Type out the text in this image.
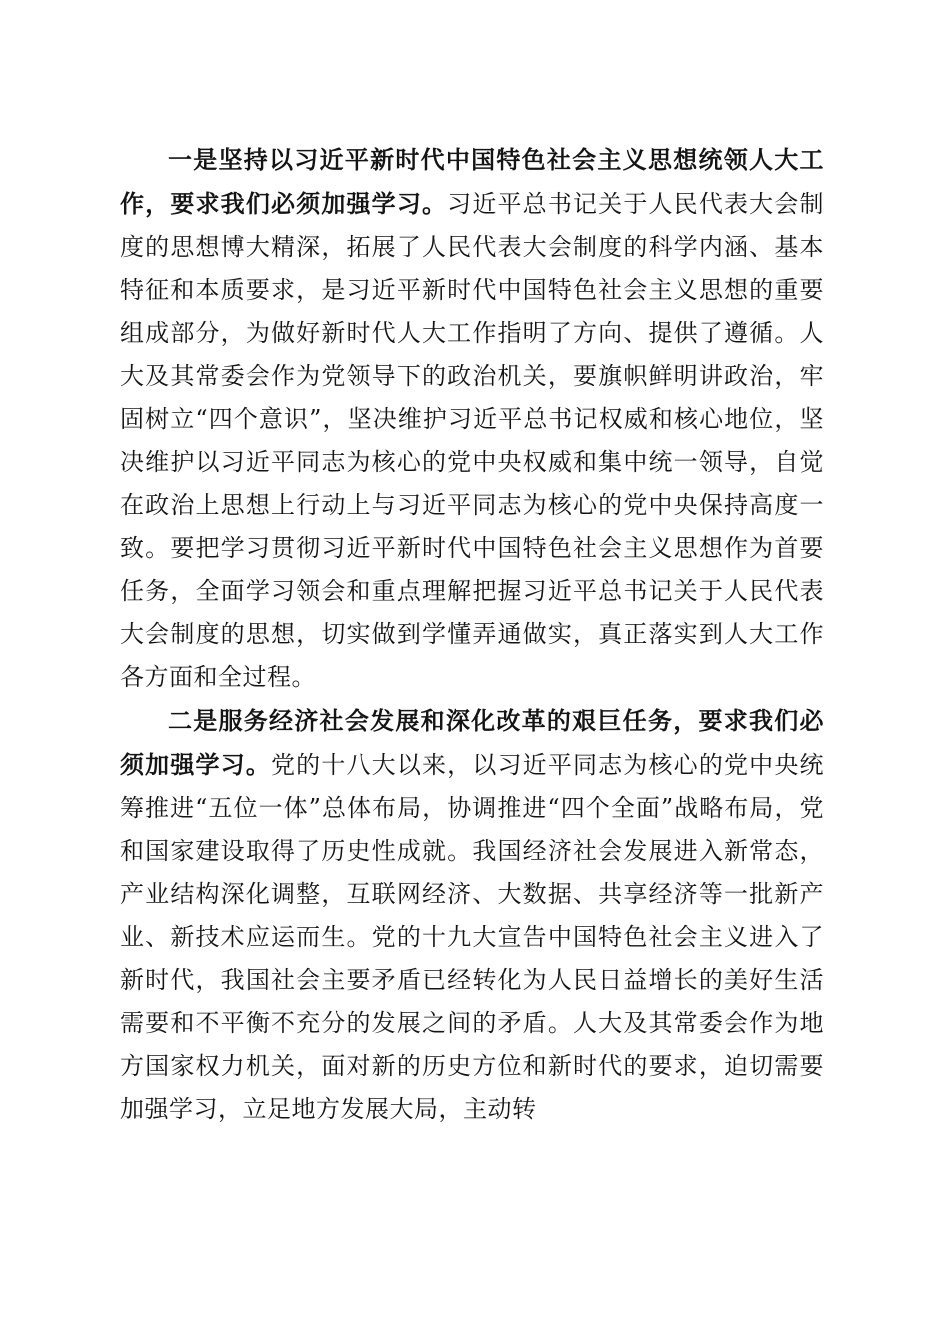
一是坚持以习近平新时代中国特色社会主义思想统领人大工作，要求我们必须加强学习。习近平总书记关于人民代表大会制度的思想博大精深，拓展了人民代表大会制度的科学内涵、基本特征和本质要求，是习近平新时代中国特色社会主义思想的重要组成部分，为做好新时代人大工作指明了方向、提供了遵循。人大及其常委会作为党领导下的政治机关，要旗帜鲜明讲政治，牢固树立“四个意识”，坚决维护习近平总书记权威和核心地位，坚决维护以习近平同志为核心的党中央权威和集中统一领导，自觉在政治上思想上行动上与习近平同志为核心的党中央保持高度一致。要把学习贯彻习近平新时代中国特色社会主义思想作为首要任务，全面学习领会和重点理解把握习近平总书记关于人民代表大会制度的思想，切实做到学懂弄通做实，真正落实到人大工作各方面和全过程。

二是服务经济社会发展和深化改革的艰巨任务，要求我们必须加强学习。党的十八大以来，以习近平同志为核心的党中央统筹推进“五位一体”总体布局，协调推进“四个全面”战略布局，党和国家建设取得了历史性成就。我国经济社会发展进入新常态，产业结构深化调整，互联网经济、大数据、共享经济等一批新产业、新技术应运而生。党的十九大宣告中国特色社会主义进入了新时代，我国社会主要矛盾已经转化为人民日益增长的美好生活需要和不平衡不充分的发展之间的矛盾。人大及其常委会作为地方国家权力机关，面对新的历史方位和新时代的要求，迫切需要加强学习，立足地方发展大局，主动转
